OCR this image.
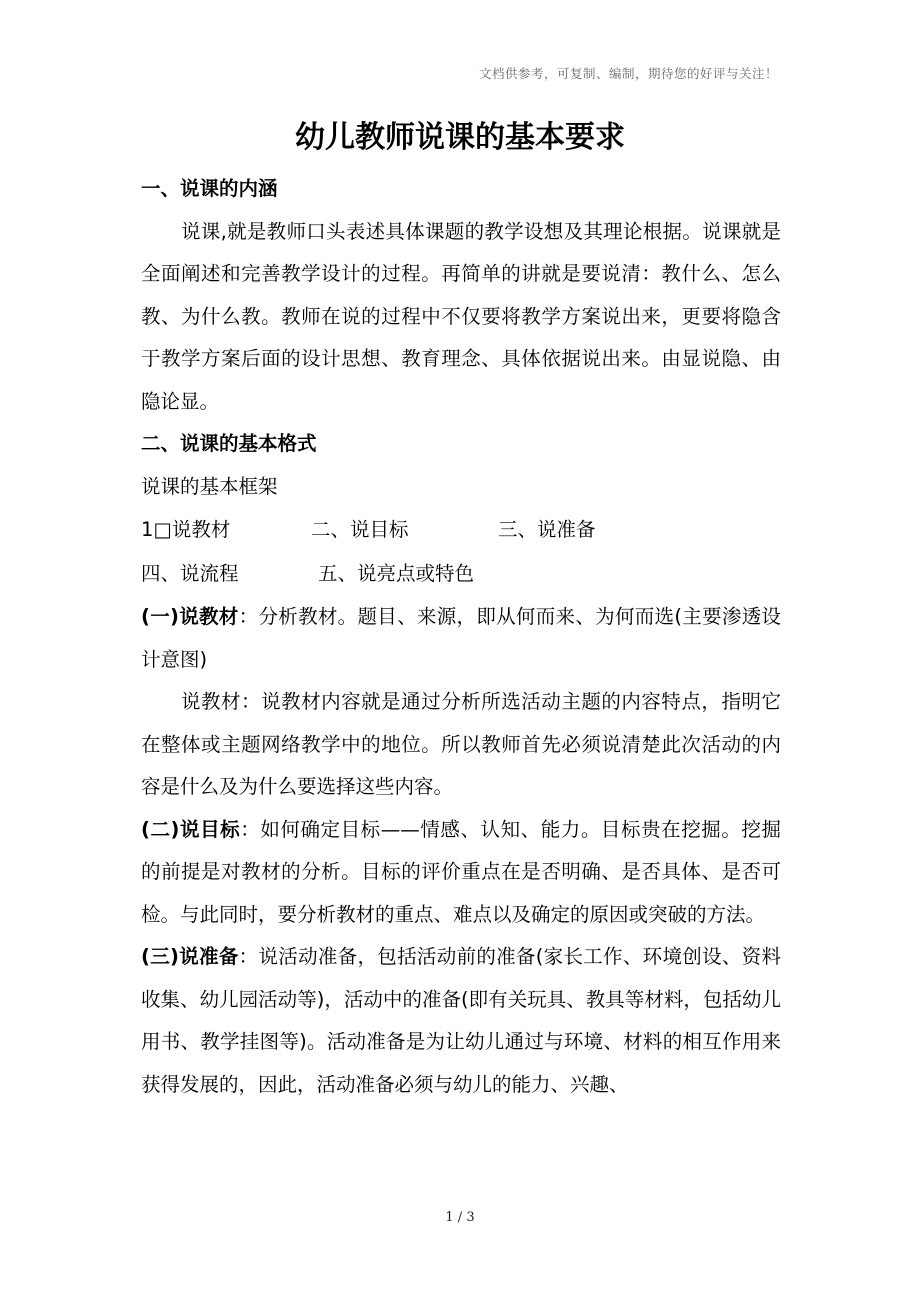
文档供参考，可复制、编制，期待您的好评与关注！
幼儿教师说课的基本要求

一、说课的内涵

说课,就是教师口头表述具体课题的教学设想及其理论根据。说课就是全面阐述和完善教学设计的过程。再简单的讲就是要说清：教什么、怎么教、为什么教。教师在说的过程中不仅要将教学方案说出来，更要将隐含于教学方案后面的设计思想、教育理念、具体依据说出来。由显说隐、由隐论显。

二、说课的基本格式

说课的基本框架

1□说教材	二、说目标	三、说准备
四、说流程	五、说亮点或特色

(一)说教材：分析教材。题目、来源，即从何而来、为何而选(主要渗透设计意图)

说教材：说教材内容就是通过分析所选活动主题的内容特点，指明它在整体或主题网络教学中的地位。所以教师首先必须说清楚此次活动的内容是什么及为什么要选择这些内容。

(二)说目标：如何确定目标——情感、认知、能力。目标贵在挖掘。挖掘的前提是对教材的分析。目标的评价重点在是否明确、是否具体、是否可检。与此同时，要分析教材的重点、难点以及确定的原因或突破的方法。

(三)说准备：说活动准备，包括活动前的准备(家长工作、环境创设、资料收集、幼儿园活动等)，活动中的准备(即有关玩具、教具等材料，包括幼儿用书、教学挂图等)。活动准备是为让幼儿通过与环境、材料的相互作用来获得发展的，因此，活动准备必须与幼儿的能力、兴趣、

1 / 3
